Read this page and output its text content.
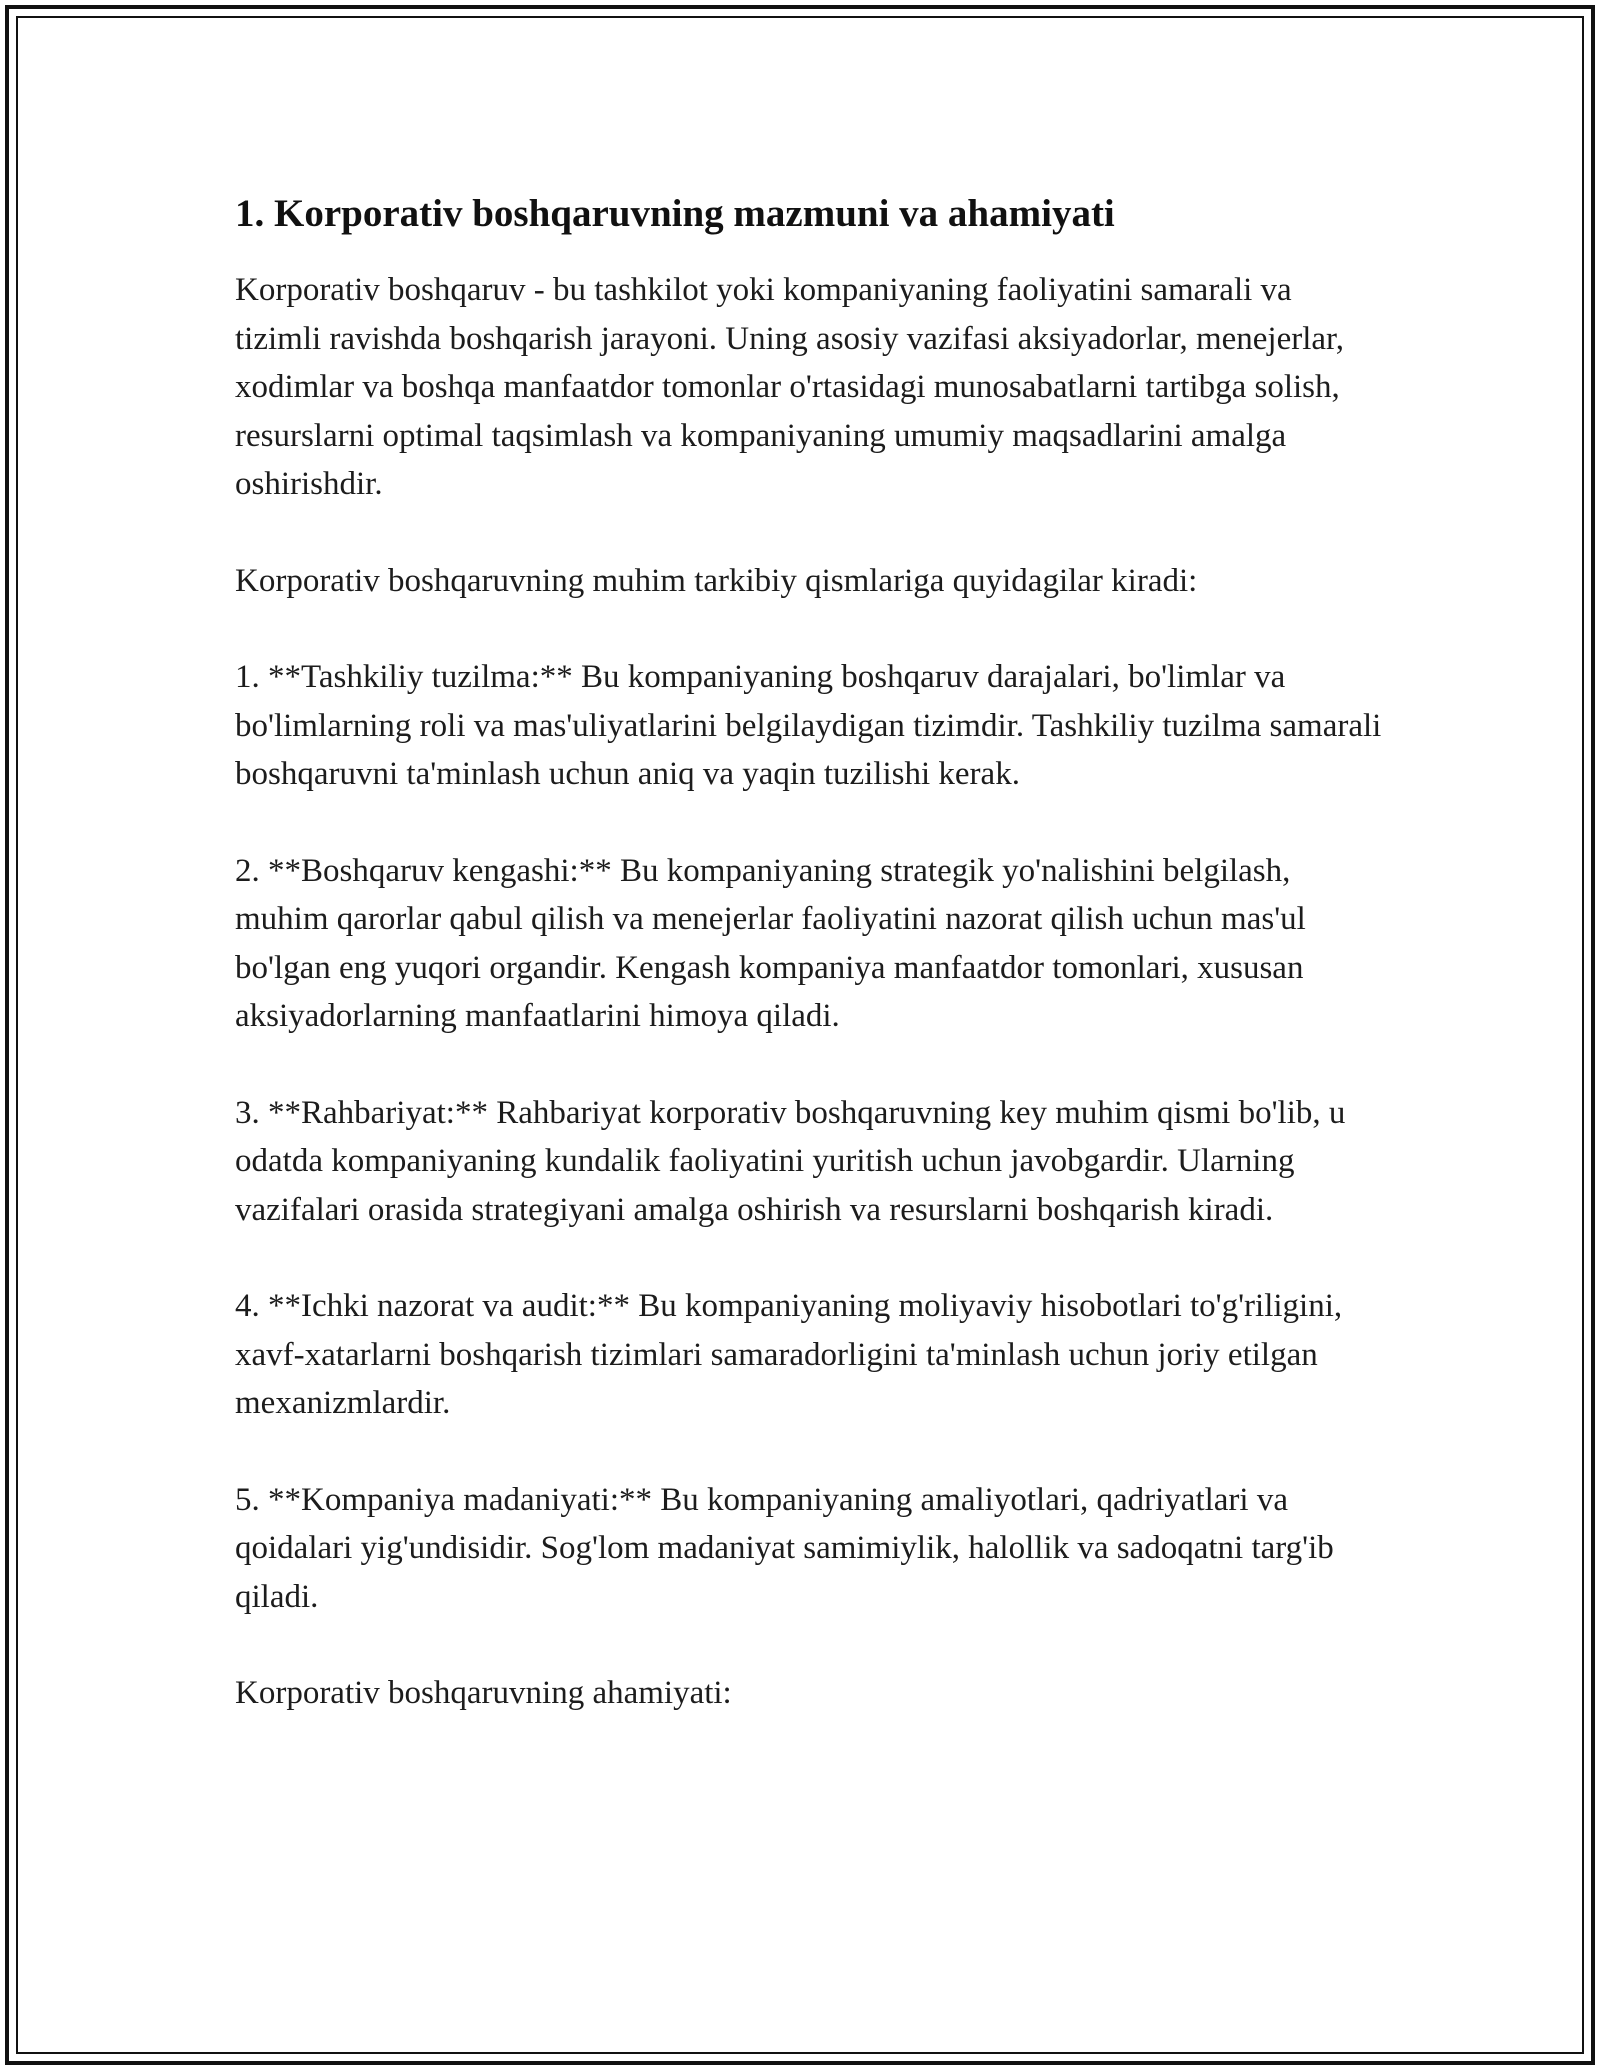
1. Korporativ boshqaruvning mazmuni va ahamiyati

Korporativ boshqaruv - bu tashkilot yoki kompaniyaning faoliyatini samarali va tizimli ravishda boshqarish jarayoni. Uning asosiy vazifasi aksiyadorlar, menejerlar, xodimlar va boshqa manfaatdor tomonlar o'rtasidagi munosabatlarni tartibga solish, resurslarni optimal taqsimlash va kompaniyaning umumiy maqsadlarini amalga oshirishdir.

Korporativ boshqaruvning muhim tarkibiy qismlariga quyidagilar kiradi:

1. **Tashkiliy tuzilma:** Bu kompaniyaning boshqaruv darajalari, bo'limlar va bo'limlarning roli va mas'uliyatlarini belgilaydigan tizimdir. Tashkiliy tuzilma samarali boshqaruvni ta'minlash uchun aniq va yaqin tuzilishi kerak.

2. **Boshqaruv kengashi:** Bu kompaniyaning strategik yo'nalishini belgilash, muhim qarorlar qabul qilish va menejerlar faoliyatini nazorat qilish uchun mas'ul bo'lgan eng yuqori organdir. Kengash kompaniya manfaatdor tomonlari, xususan aksiyadorlarning manfaatlarini himoya qiladi.

3. **Rahbariyat:** Rahbariyat korporativ boshqaruvning key muhim qismi bo'lib, u odatda kompaniyaning kundalik faoliyatini yuritish uchun javobgardir. Ularning vazifalari orasida strategiyani amalga oshirish va resurslarni boshqarish kiradi.

4. **Ichki nazorat va audit:** Bu kompaniyaning moliyaviy hisobotlari to'g'riligini, xavf-xatarlarni boshqarish tizimlari samaradorligini ta'minlash uchun joriy etilgan mexanizmlardir.

5. **Kompaniya madaniyati:** Bu kompaniyaning amaliyotlari, qadriyatlari va qoidalari yig'undisidir. Sog'lom madaniyat samimiylik, halollik va sadoqatni targ'ib qiladi.

Korporativ boshqaruvning ahamiyati:
